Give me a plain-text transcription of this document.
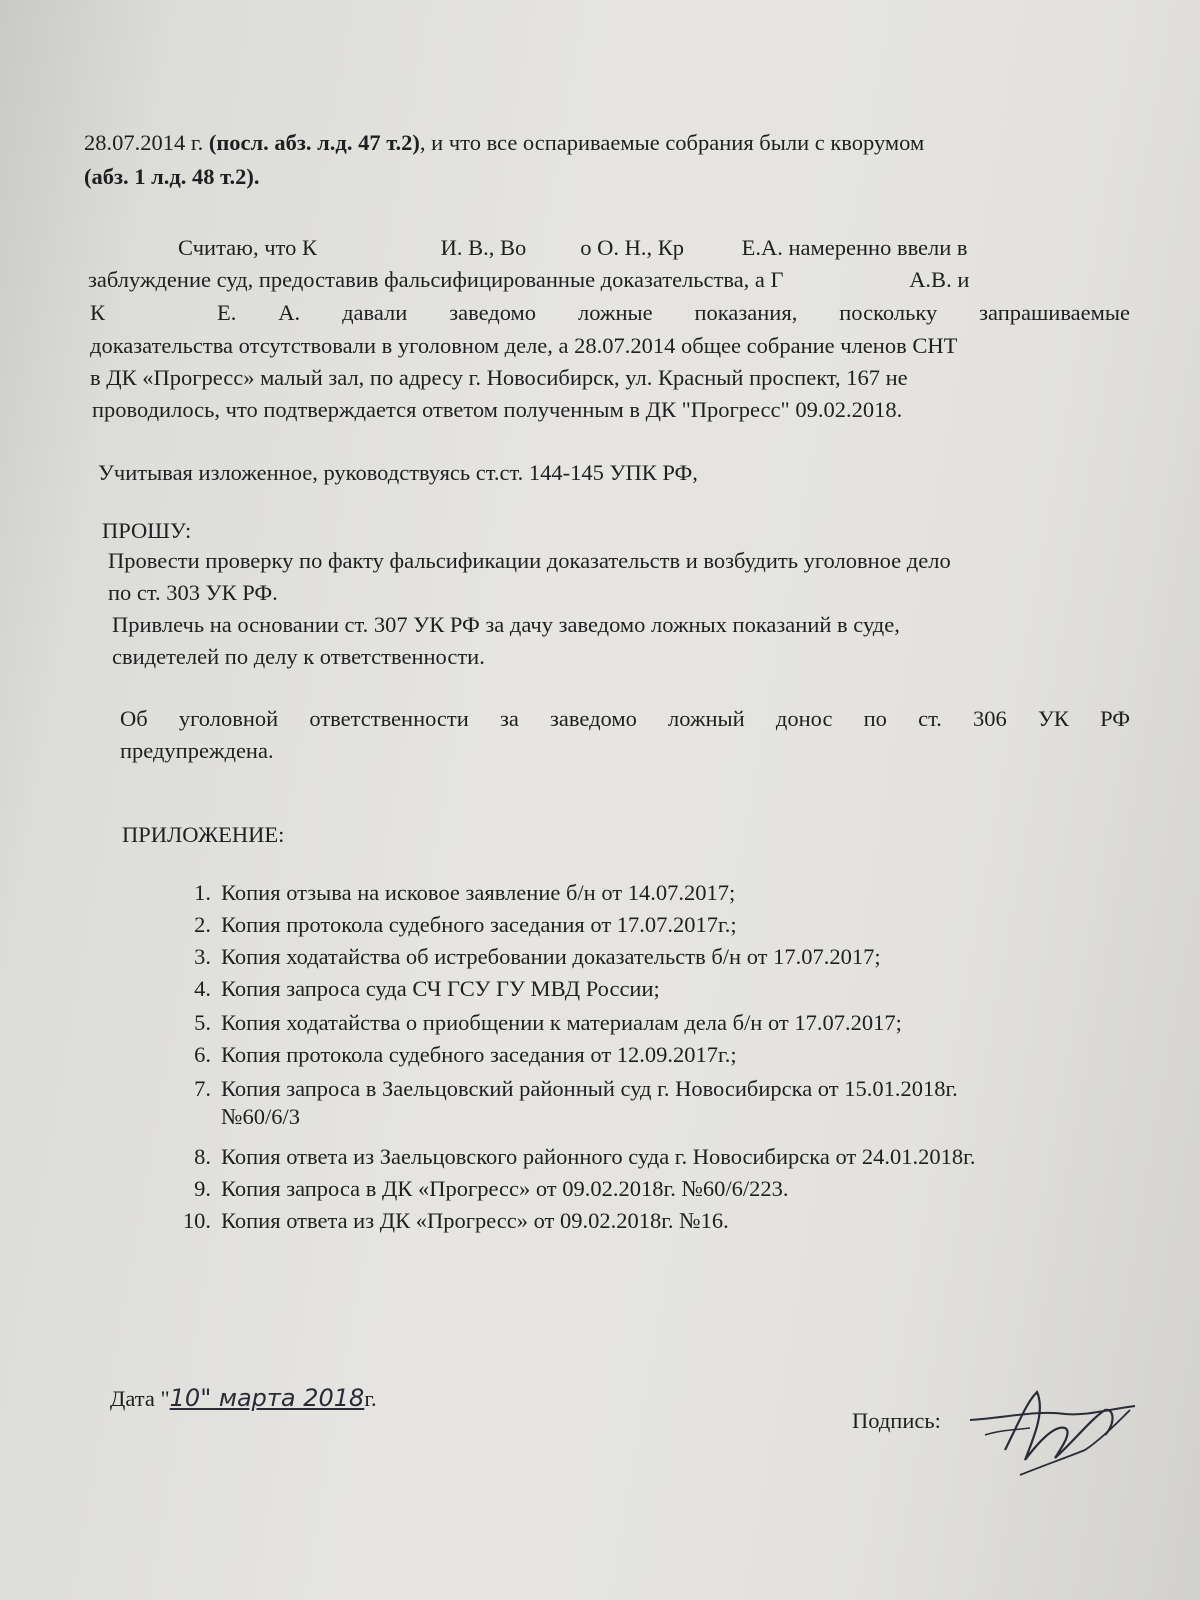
28.07.2014 г. (посл. абз. л.д. 47 т.2), и что все оспариваемые собрания были с кворумом
(абз. 1 л.д. 48 т.2).
Считаю, что К	И. В., Во о О. Н., Кр	Е.А. намеренно ввели в
заблуждение суд, предоставив фальсифицированные доказательства, а Г	А.В. и
К	Е. А. давали заведомо ложные показания, поскольку запрашиваемые
доказательства отсутствовали в уголовном деле, а 28.07.2014 общее собрание членов СНТ
в ДК «Прогресс» малый зал, по адресу г. Новосибирск, ул. Красный проспект, 167 не
проводилось, что подтверждается ответом полученным в ДК "Прогресс" 09.02.2018.
Учитывая изложенное, руководствуясь ст.ст. 144-145 УПК РФ,
ПРОШУ:
Провести проверку по факту фальсификации доказательств и возбудить уголовное дело
по ст. 303 УК РФ.
Привлечь на основании ст. 307 УК РФ за дачу заведомо ложных показаний в суде,
свидетелей по делу к ответственности.
Об уголовной ответственности за заведомо ложный донос по ст. 306 УК РФ
предупреждена.
ПРИЛОЖЕНИЕ:
1. Копия отзыва на исковое заявление б/н от 14.07.2017;
2. Копия протокола судебного заседания от 17.07.2017г.;
3. Копия ходатайства об истребовании доказательств б/н от 17.07.2017;
4. Копия запроса суда СЧ ГСУ ГУ МВД России;
5. Копия ходатайства о приобщении к материалам дела б/н от 17.07.2017;
6. Копия протокола судебного заседания от 12.09.2017г.;
7. Копия запроса в Заельцовский районный суд г. Новосибирска от 15.01.2018г.
№60/6/3
8. Копия ответа из Заельцовского районного суда г. Новосибирска от 24.01.2018г.
9. Копия запроса в ДК «Прогресс» от 09.02.2018г. №60/6/223.
10. Копия ответа из ДК «Прогресс» от 09.02.2018г. №16.
Дата "10" марта 2018г.
Подпись:
